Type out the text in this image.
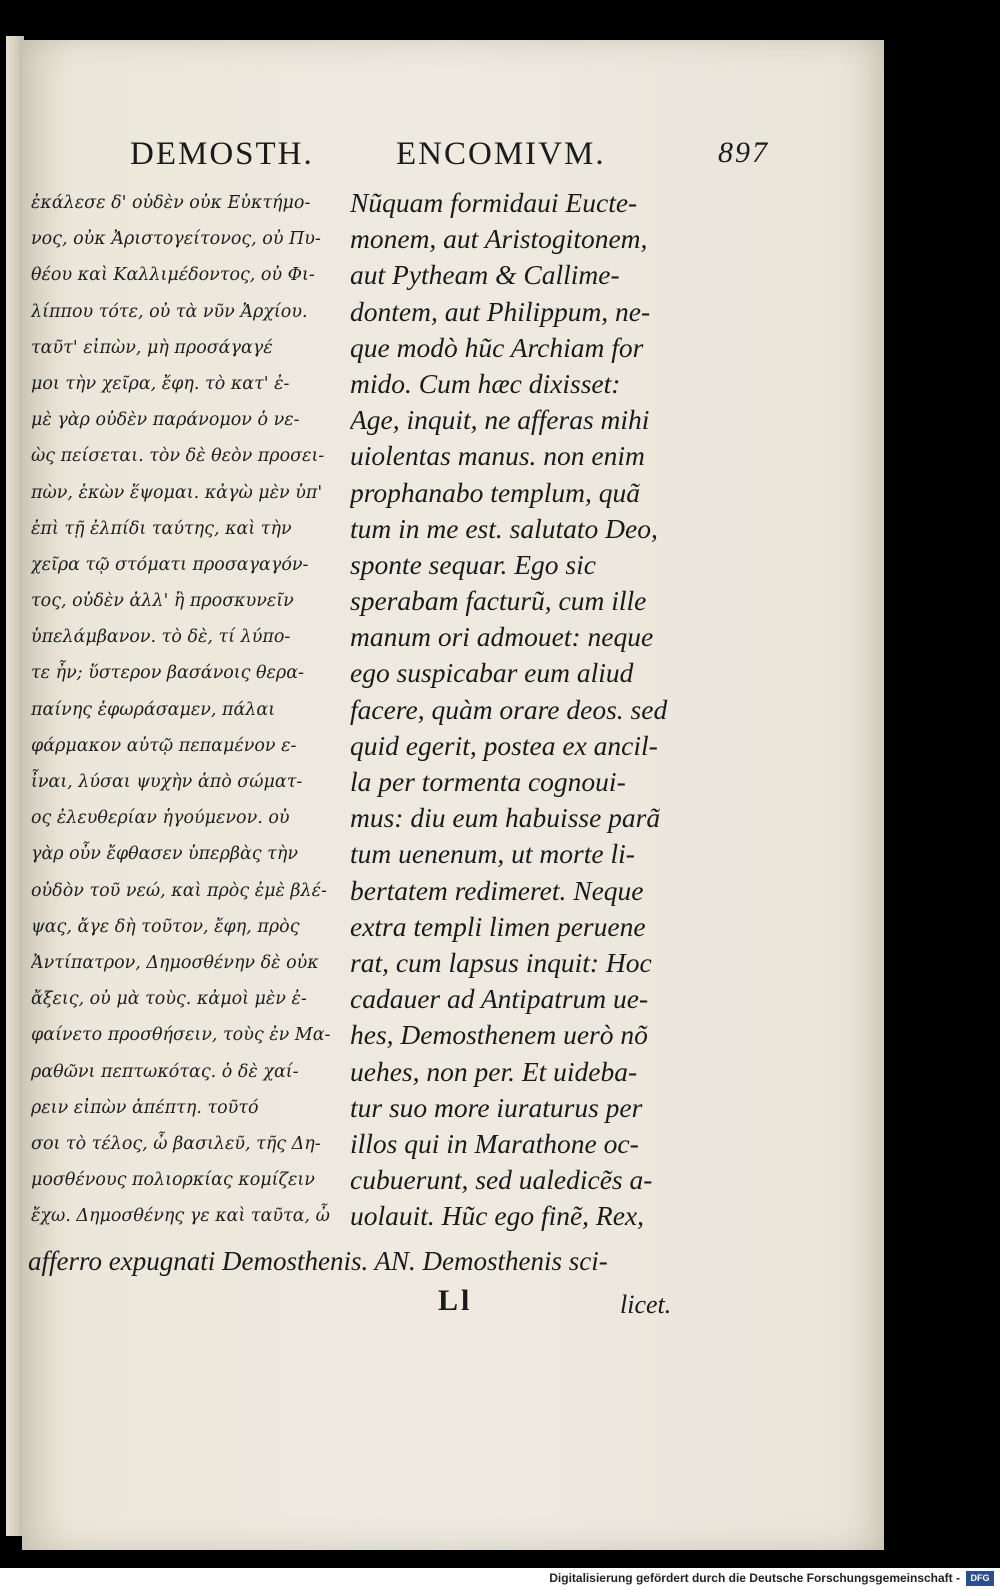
DEMOSTH. ENCOMIVM.	897
ἐκάλεσε δ' οὐδὲν οὐκ Εὐκτήμο-
νος, οὐκ Ἀριστογείτονος, οὐ Πυ-
θέου καὶ Καλλιμέδοντος, οὐ Φι-
λίππου τότε, οὐ τὰ νῦν Ἀρχίου.
ταῦτ' εἰπὼν, μὴ προσάγαγέ
μοι τὴν χεῖρα, ἔφη. τὸ κατ' ἐ-
μὲ γὰρ οὐδὲν παράνομον ὁ νε-
ὼς πείσεται. τὸν δὲ θεὸν προσει-
πὼν, ἑκὼν ἕψομαι. κἀγὼ μὲν ὑπ'
ἐπὶ τῇ ἐλπίδι ταύτης, καὶ τὴν
χεῖρα τῷ στόματι προσαγαγόν-
τος, οὐδὲν ἀλλ' ἢ προσκυνεῖν
ὑπελάμβανον. τὸ δὲ, τί λύπο-
τε ἦν; ὕστερον βασάνοις θερα-
παίνης ἐφωράσαμεν, πάλαι
φάρμακον αὐτῷ πεπαμένον ε-
ἶναι, λύσαι ψυχὴν ἀπὸ σώματ-
ος ἐλευθερίαν ἡγούμενον. οὐ
γὰρ οὖν ἔφθασεν ὑπερβὰς τὴν
οὐδὸν τοῦ νεώ, καὶ πρὸς ἐμὲ βλέ-
ψας, ἄγε δὴ τοῦτον, ἔφη, πρὸς
Ἀντίπατρον, Δημοσθένην δὲ οὐκ
ἄξεις, οὐ μὰ τοὺς. κἀμοὶ μὲν ἐ-
φαίνετο προσθήσειν, τοὺς ἐν Μα-
ραθῶνι πεπτωκότας. ὁ δὲ χαί-
ρειν εἰπὼν ἀπέπτη. τοῦτό
σοι τὸ τέλος, ὦ βασιλεῦ, τῆς Δη-
μοσθένους πολιορκίας κομίζειν
ἔχω. Δημοσθένης γε καὶ ταῦτα, ὦ
Nũquam formidaui Eucte-
monem, aut Aristogitonem,
aut Pytheam & Callime-
dontem, aut Philippum, ne-
que modò hũc Archiam for
mido. Cum hæc dixisset:
Age, inquit, ne afferas mihi
uiolentas manus. non enim
prophanabo templum, quã
tum in me est. salutato Deo,
sponte sequar. Ego sic
sperabam facturũ, cum ille
manum ori admouet: neque
ego suspicabar eum aliud
facere, quàm orare deos. sed
quid egerit, postea ex ancil-
la per tormenta cognoui-
mus: diu eum habuisse parã
tum uenenum, ut morte li-
bertatem redimeret. Neque
extra templi limen peruene
rat, cum lapsus inquit: Hoc
cadauer ad Antipatrum ue-
hes, Demosthenem uerò nõ
uehes, non per. Et uideba-
tur suo more iuraturus per
illos qui in Marathone oc-
cubuerunt, sed ualedicẽs a-
uolauit. Hũc ego finẽ, Rex,
afferro expugnati Demosthenis. AN. Demosthenis sci-
Ll	licet.
Digitalisierung gefördert durch die Deutsche Forschungsgemeinschaft -	DFG
